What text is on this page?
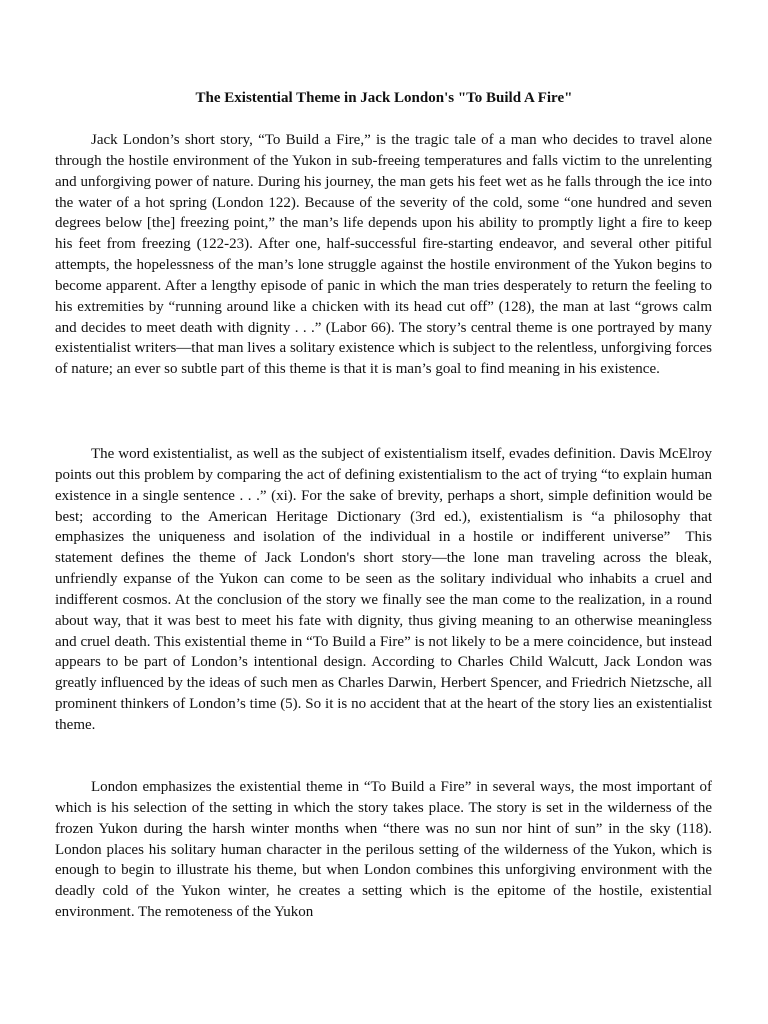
The Existential Theme in Jack London's "To Build A Fire"

Jack London’s short story, “To Build a Fire,” is the tragic tale of a man who decides to travel alone through the hostile environment of the Yukon in sub-freeing temperatures and falls victim to the unrelenting and unforgiving power of nature. During his journey, the man gets his feet wet as he falls through the ice into the water of a hot spring (London 122). Because of the severity of the cold, some “one hundred and seven degrees below [the] freezing point,” the man’s life depends upon his ability to promptly light a fire to keep his feet from freezing (122-23). After one, half-successful fire-starting endeavor, and several other pitiful attempts, the hopelessness of the man’s lone struggle against the hostile environment of the Yukon begins to become apparent. After a lengthy episode of panic in which the man tries desperately to return the feeling to his extremities by “running around like a chicken with its head cut off” (128), the man at last “grows calm and decides to meet death with dignity . . .” (Labor 66). The story’s central theme is one portrayed by many existentialist writers—that man lives a solitary existence which is subject to the relentless, unforgiving forces of nature; an ever so subtle part of this theme is that it is man’s goal to find meaning in his existence.

The word existentialist, as well as the subject of existentialism itself, evades definition. Davis McElroy points out this problem by comparing the act of defining existentialism to the act of trying “to explain human existence in a single sentence . . .” (xi). For the sake of brevity, perhaps a short, simple definition would be best; according to the American Heritage Dictionary (3rd ed.), existentialism is “a philosophy that emphasizes the uniqueness and isolation of the individual in a hostile or indifferent universe” This statement defines the theme of Jack London's short story—the lone man traveling across the bleak, unfriendly expanse of the Yukon can come to be seen as the solitary individual who inhabits a cruel and indifferent cosmos. At the conclusion of the story we finally see the man come to the realization, in a round about way, that it was best to meet his fate with dignity, thus giving meaning to an otherwise meaningless and cruel death. This existential theme in “To Build a Fire” is not likely to be a mere coincidence, but instead appears to be part of London’s intentional design. According to Charles Child Walcutt, Jack London was greatly influenced by the ideas of such men as Charles Darwin, Herbert Spencer, and Friedrich Nietzsche, all prominent thinkers of London’s time (5). So it is no accident that at the heart of the story lies an existentialist theme.

London emphasizes the existential theme in “To Build a Fire” in several ways, the most important of which is his selection of the setting in which the story takes place. The story is set in the wilderness of the frozen Yukon during the harsh winter months when “there was no sun nor hint of sun” in the sky (118). London places his solitary human character in the perilous setting of the wilderness of the Yukon, which is enough to begin to illustrate his theme, but when London combines this unforgiving environment with the deadly cold of the Yukon winter, he creates a setting which is the epitome of the hostile, existential environment. The remoteness of the Yukon
